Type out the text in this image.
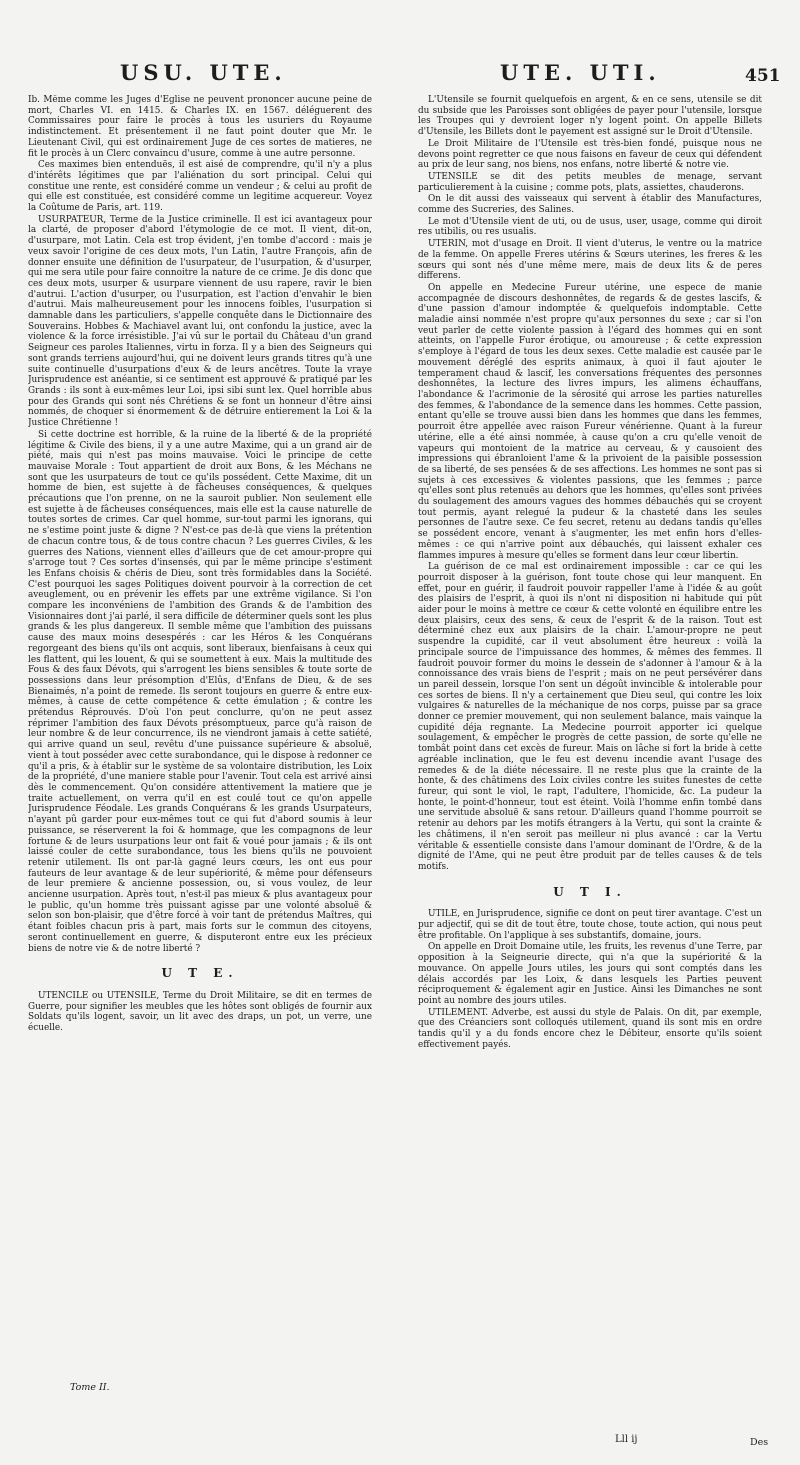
USU. UTE.	UTE. UTI.	451

Ib. Même comme les Juges d'Eglise ne peuvent prononcer aucune peine de mort, Charles VI. en 1415. & Charles IX. en 1567. déléguerent des Commissaires pour faire le procès à tous les usuriers du Royaume indistinctement. Et présentement il ne faut point douter que Mr. le Lieutenant Civil, qui est ordinairement Juge de ces sortes de matieres, ne fit le procès à un Clerc convaincu d'usure, comme à une autre personne.

Ces maximes bien entenduës, il est aisé de comprendre, qu'il n'y a plus d'intérêts légitimes que par l'aliénation du sort principal. Celui qui constitue une rente, est considéré comme un vendeur ; & celui au profit de qui elle est constituée, est considéré comme un legitime acquereur. Voyez la Coûtume de Paris, art. 119.

USURPATEUR, Terme de la Justice criminelle. Il est ici avantageux pour la clarté, de proposer d'abord l'étymologie de ce mot. Il vient, dit-on, d'usurpare, mot Latin. Cela est trop évident, j'en tombe d'accord : mais je veux savoir l'origine de ces deux mots, l'un Latin, l'autre François, afin de donner ensuite une définition de l'usurpateur, de l'usurpation, & d'usurper, qui me sera utile pour faire connoitre la nature de ce crime. Je dis donc que ces deux mots, usurper & usurpare viennent de usu rapere, ravir le bien d'autrui. L'action d'usurper, ou l'usurpation, est l'action d'envahir le bien d'autrui. Mais malheureusement pour les innocens foibles, l'usurpation si damnable dans les particuliers, s'appelle conquête dans le Dictionnaire des Souverains. Hobbes & Machiavel avant lui, ont confondu la justice, avec la violence & la force irrésistible. J'ai vû sur le portail du Château d'un grand Seigneur ces paroles Italiennes, virtu in forza. Il y a bien des Seigneurs qui sont grands terriens aujourd'hui, qui ne doivent leurs grands titres qu'à une suite continuelle d'usurpations d'eux & de leurs ancêtres. Toute la vraye Jurisprudence est anéantie, si ce sentiment est approuvé & pratiqué par les Grands : ils sont à eux-mêmes leur Loi, ipsi sibi sunt lex. Quel horrible abus pour des Grands qui sont nés Chrétiens & se font un honneur d'être ainsi nommés, de choquer si énormement & de détruire entierement la Loi & la Justice Chrétienne !

Si cette doctrine est horrible, & la ruine de la liberté & de la propriété légitime & Civile des biens, il y a une autre Maxime, qui a un grand air de piété, mais qui n'est pas moins mauvaise. Voici le principe de cette mauvaise Morale : Tout appartient de droit aux Bons, & les Méchans ne sont que les usurpateurs de tout ce qu'ils possédent. Cette Maxime, dit un homme de bien, est sujette à de fâcheuses conséquences, & quelques précautions que l'on prenne, on ne la sauroit publier. Non seulement elle est sujette à de fâcheuses conséquences, mais elle est la cause naturelle de toutes sortes de crimes. Car quel homme, sur-tout parmi les ignorans, qui ne s'estime point juste & digne ? N'est-ce pas de-là que viens la prétention de chacun contre tous, & de tous contre chacun ? Les guerres Civiles, & les guerres des Nations, viennent elles d'ailleurs que de cet amour-propre qui s'arroge tout ? Ces sortes d'insensés, qui par le même principe s'estiment les Enfans choisis & chéris de Dieu, sont très formidables dans la Société. C'est pourquoi les sages Politiques doivent pourvoir à la correction de cet aveuglement, ou en prévenir les effets par une extrême vigilance. Si l'on compare les inconvéniens de l'ambition des Grands & de l'ambition des Visionnaires dont j'ai parlé, il sera difficile de déterminer quels sont les plus grands & les plus dangereux. Il semble même que l'ambition des puissans cause des maux moins desespérés : car les Héros & les Conquérans regorgeant des biens qu'ils ont acquis, sont liberaux, bienfaisans à ceux qui les flattent, qui les louent, & qui se soumettent à eux. Mais la multitude des Fous & des faux Dévots, qui s'arrogent les biens sensibles & toute sorte de possessions dans leur présomption d'Elûs, d'Enfans de Dieu, & de ses Bienaimés, n'a point de remede. Ils seront toujours en guerre & entre eux-mêmes, à cause de cette compétence & cette émulation ; & contre les prétendus Réprouvés. D'où l'on peut conclurre, qu'on ne peut assez réprimer l'ambition des faux Dévots présomptueux, parce qu'à raison de leur nombre & de leur concurrence, ils ne viendront jamais à cette satiété, qui arrive quand un seul, revêtu d'une puissance supérieure & absoluë, vient à tout posséder avec cette surabondance, qui le dispose à redonner ce qu'il a pris, & à établir sur le système de sa volontaire distribution, les Loix de la propriété, d'une maniere stable pour l'avenir. Tout cela est arrivé ainsi dès le commencement. Qu'on considére attentivement la matiere que je traite actuellement, on verra qu'il en est coulé tout ce qu'on appelle Jurisprudence Féodale. Les grands Conquérans & les grands Usurpateurs, n'ayant pû garder pour eux-mêmes tout ce qui fut d'abord soumis à leur puissance, se réserverent la foi & hommage, que les compagnons de leur fortune & de leurs usurpations leur ont fait & voué pour jamais ; & ils ont laissé couler de cette surabondance, tous les biens qu'ils ne pouvoient retenir utilement. Ils ont par-là gagné leurs cœurs, les ont eus pour fauteurs de leur avantage & de leur supériorité, & même pour défenseurs de leur premiere & ancienne possession, ou, si vous voulez, de leur ancienne usurpation. Après tout, n'est-il pas mieux & plus avantageux pour le public, qu'un homme très puissant agisse par une volonté absoluë & selon son bon-plaisir, que d'être forcé à voir tant de prétendus Maîtres, qui étant foibles chacun pris à part, mais forts sur le commun des citoyens, seront continuellement en guerre, & disputeront entre eux les précieux biens de notre vie & de notre liberté ?

U T E.

UTENCILE ou UTENSILE, Terme du Droit Militaire, se dit en termes de Guerre, pour signifier les meubles que les hôtes sont obligés de fournir aux Soldats qu'ils logent, savoir, un lit avec des draps, un pot, un verre, une écuelle.

Tome II.

L'Utensile se fournit quelquefois en argent, & en ce sens, utensile se dit du subside que les Paroisses sont obligées de payer pour l'utensile, lorsque les Troupes qui y devroient loger n'y logent point. On appelle Billets d'Utensile, les Billets dont le payement est assigné sur le Droit d'Utensile.

Le Droit Militaire de l'Utensile est très-bien fondé, puisque nous ne devons point regretter ce que nous faisons en faveur de ceux qui défendent au prix de leur sang, nos biens, nos enfans, notre liberté & notre vie.

UTENSILE se dit des petits meubles de menage, servant particulierement à la cuisine ; comme pots, plats, assiettes, chauderons.

On le dit aussi des vaisseaux qui servent à établir des Manufactures, comme des Sucreries, des Salines.

Le mot d'Utensile vient de uti, ou de usus, user, usage, comme qui diroit res utibilis, ou res usualis.

UTERIN, mot d'usage en Droit. Il vient d'uterus, le ventre ou la matrice de la femme. On appelle Freres utérins & Sœurs uterines, les freres & les sœurs qui sont nés d'une même mere, mais de deux lits & de peres differens.

On appelle en Medecine Fureur utérine, une espece de manie accompagnée de discours deshonnêtes, de regards & de gestes lascifs, & d'une passion d'amour indomptée & quelquefois indomptable. Cette maladie ainsi nommée n'est propre qu'aux personnes du sexe ; car si l'on veut parler de cette violente passion à l'égard des hommes qui en sont atteints, on l'appelle Furor érotique, ou amoureuse ; & cette expression s'employe à l'égard de tous les deux sexes. Cette maladie est causée par le mouvement déréglé des esprits animaux, à quoi il faut ajouter le temperament chaud & lascif, les conversations fréquentes des personnes deshonnêtes, la lecture des livres impurs, les alimens échauffans, l'abondance & l'acrimonie de la sérosité qui arrose les parties naturelles des femmes, & l'abondance de la semence dans les hommes. Cette passion, entant qu'elle se trouve aussi bien dans les hommes que dans les femmes, pourroit être appellée avec raison Fureur vénérienne. Quant à la fureur utérine, elle a été ainsi nommée, à cause qu'on a cru qu'elle venoit de vapeurs qui montoient de la matrice au cerveau, & y causoient des impressions qui ébranloient l'ame & la privoient de la paisible possession de sa liberté, de ses pensées & de ses affections. Les hommes ne sont pas si sujets à ces excessives & violentes passions, que les femmes ; parce qu'elles sont plus retenuës au dehors que les hommes, qu'elles sont privées du soulagement des amours vagues des hommes débauchés qui se croyent tout permis, ayant relegué la pudeur & la chasteté dans les seules personnes de l'autre sexe. Ce feu secret, retenu au dedans tandis qu'elles se possédent encore, venant à s'augmenter, les met enfin hors d'elles-mêmes : ce qui n'arrive point aux débauchés, qui laissent exhaler ces flammes impures à mesure qu'elles se forment dans leur cœur libertin.

La guérison de ce mal est ordinairement impossible : car ce qui les pourroit disposer à la guérison, font toute chose qui leur manquent. En effet, pour en guérir, il faudroit pouvoir rappeller l'ame à l'idée & au goût des plaisirs de l'esprit, à quoi ils n'ont ni disposition ni habitude qui pût aider pour le moins à mettre ce cœur & cette volonté en équilibre entre les deux plaisirs, ceux des sens, & ceux de l'esprit & de la raison. Tout est déterminé chez eux aux plaisirs de la chair. L'amour-propre ne peut suspendre la cupidité, car il veut absolument être heureux : voilà la principale source de l'impuissance des hommes, & mêmes des femmes. Il faudroit pouvoir former du moins le dessein de s'adonner à l'amour & à la connoissance des vrais biens de l'esprit ; mais on ne peut persévérer dans un pareil dessein, lorsque l'on sent un dégoût invincible & intolerable pour ces sortes de biens. Il n'y a certainement que Dieu seul, qui contre les loix vulgaires & naturelles de la méchanique de nos corps, puisse par sa grace donner ce premier mouvement, qui non seulement balance, mais vainque la cupidité déja regnante. La Medecine pourroit apporter ici quelque soulagement, & empêcher le progrès de cette passion, de sorte qu'elle ne tombât point dans cet excès de fureur. Mais on lâche si fort la bride à cette agréable inclination, que le feu est devenu incendie avant l'usage des remedes & de la diéte nécessaire. Il ne reste plus que la crainte de la honte, & des châtimens des Loix civiles contre les suites funestes de cette fureur, qui sont le viol, le rapt, l'adultere, l'homicide, &c. La pudeur la honte, le point-d'honneur, tout est éteint. Voilà l'homme enfin tombé dans une servitude absoluë & sans retour. D'ailleurs quand l'homme pourroit se retenir au dehors par les motifs étrangers à la Vertu, qui sont la crainte & les châtimens, il n'en seroit pas meilleur ni plus avancé : car la Vertu véritable & essentielle consiste dans l'amour dominant de l'Ordre, & de la dignité de l'Ame, qui ne peut être produit par de telles causes & de tels motifs.

U T I.

UTILE, en Jurisprudence, signifie ce dont on peut tirer avantage. C'est un pur adjectif, qui se dit de tout être, toute chose, toute action, qui nous peut être profitable. On l'applique à ses substantifs, domaine, jours.

On appelle en Droit Domaine utile, les fruits, les revenus d'une Terre, par opposition à la Seigneurie directe, qui n'a que la supériorité & la mouvance. On appelle Jours utiles, les jours qui sont comptés dans les délais accordés par les Loix, & dans lesquels les Parties peuvent réciproquement & également agir en Justice. Ainsi les Dimanches ne sont point au nombre des jours utiles.

UTILEMENT. Adverbe, est aussi du style de Palais. On dit, par exemple, que des Créanciers sont colloqués utilement, quand ils sont mis en ordre tandis qu'il y a du fonds encore chez le Débiteur, ensorte qu'ils soient effectivement payés.

Lll ij	Des
